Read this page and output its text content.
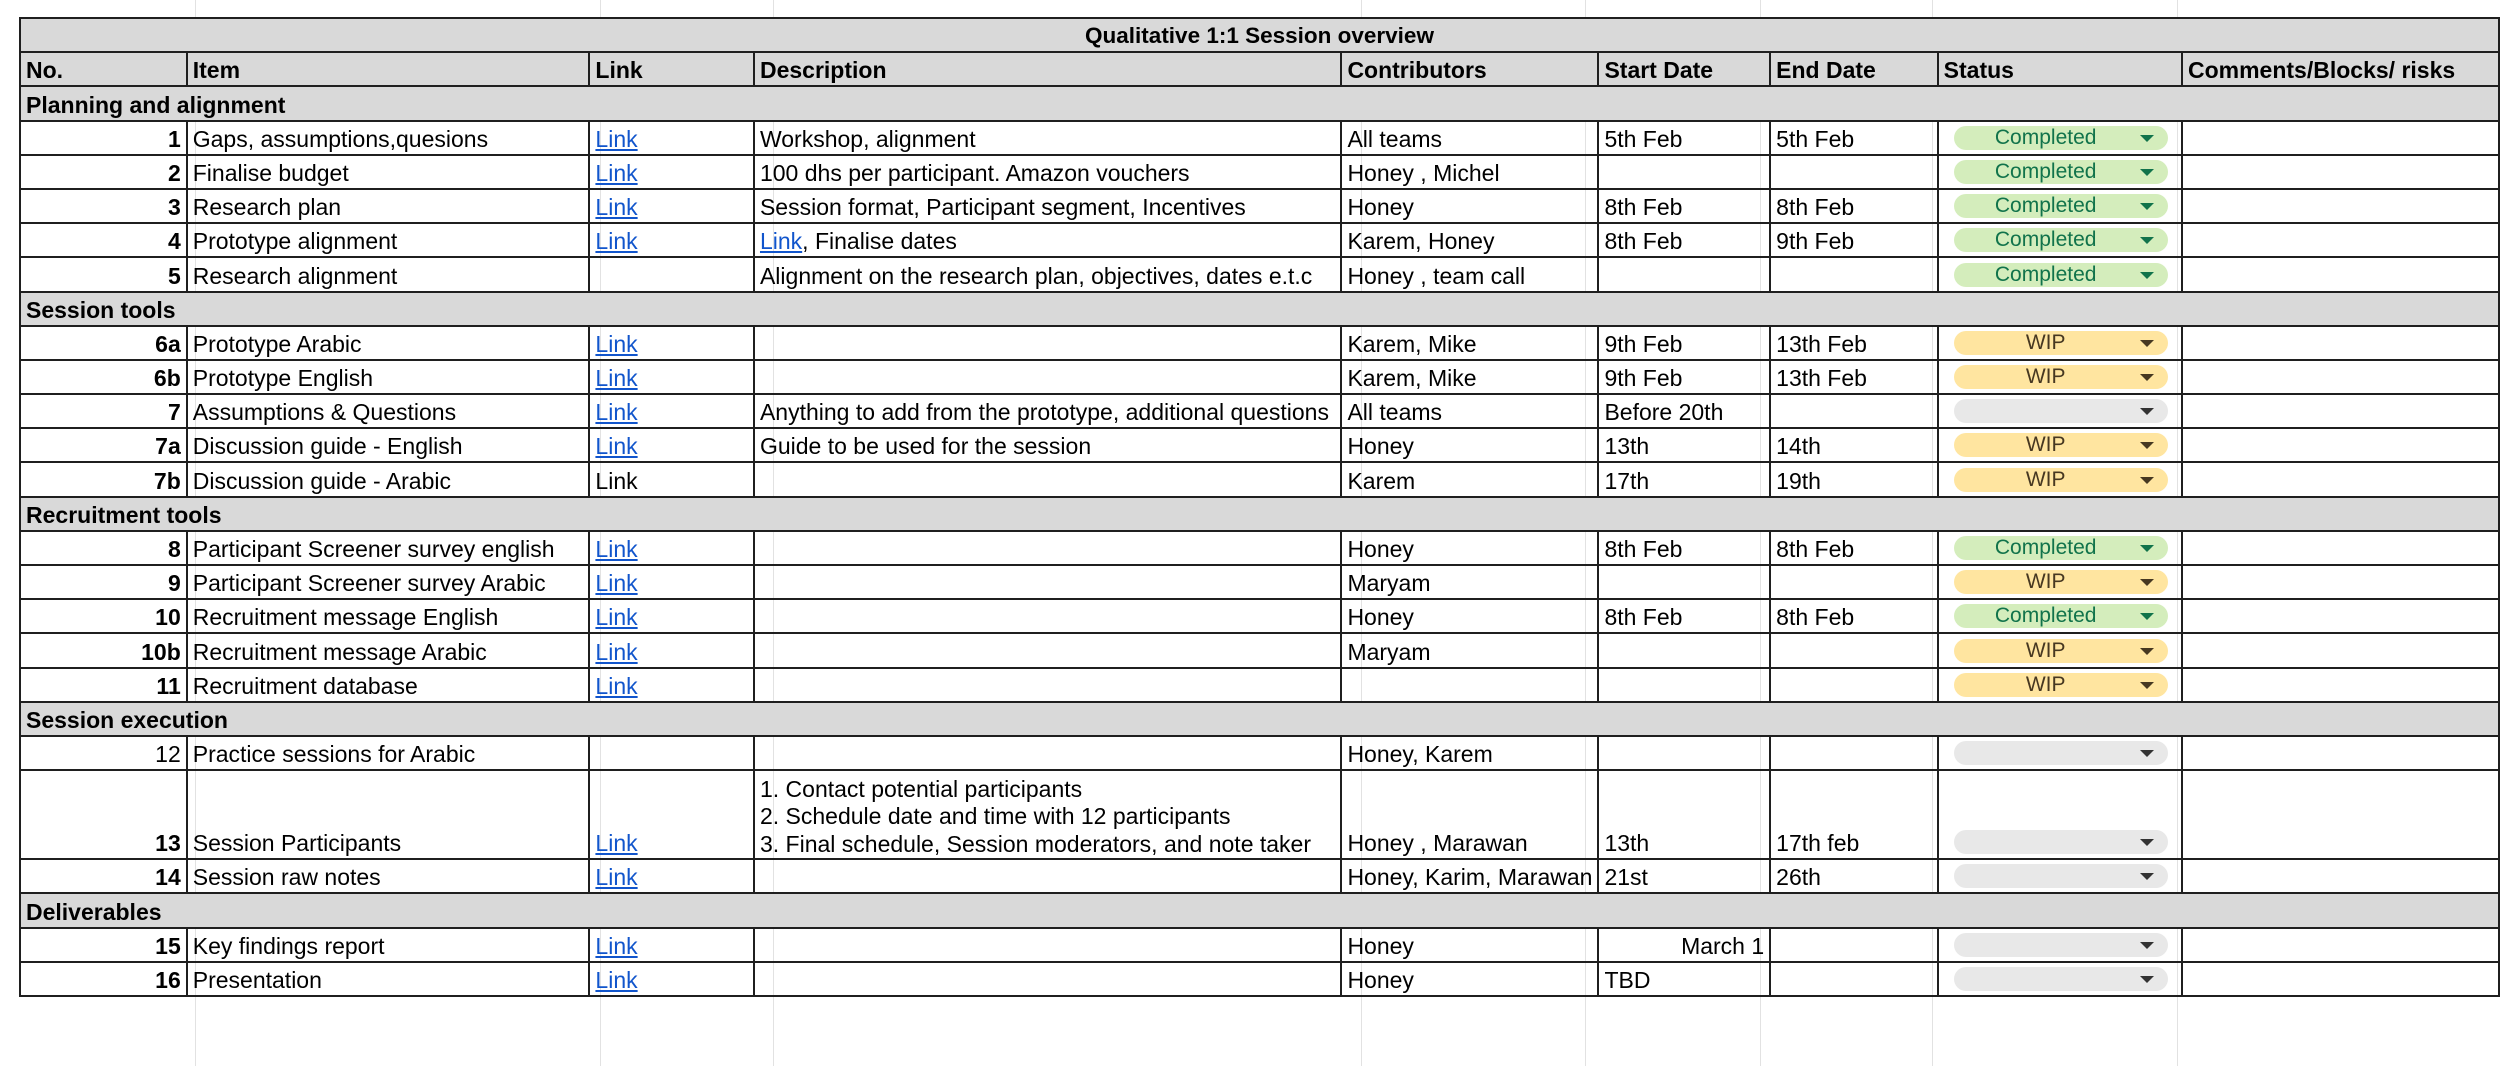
Qualitative 1:1 Session overview								
No.	Item	Link	Description	Contributors	Start Date	End Date	Status	Comments/Blocks/ risks
Planning and alignment								
1	Gaps, assumptions,quesions	Link	Workshop, alignment	All teams	5th Feb	5th Feb	Completed

2	Finalise budget	Link	100 dhs per participant. Amazon vouchers	Honey , Michel			Completed

3	Research plan	Link	Session format, Participant segment, Incentives	Honey	8th Feb	8th Feb	Completed

4	Prototype alignment	Link	Link, Finalise dates	Karem, Honey	8th Feb	9th Feb	Completed

5	Research alignment		Alignment on the research plan, objectives, dates e.t.c	Honey , team call			Completed

Session tools								
6a	Prototype Arabic	Link		Karem, Mike	9th Feb	13th Feb	WIP

6b	Prototype English	Link		Karem, Mike	9th Feb	13th Feb	WIP

7	Assumptions & Questions	Link	Anything to add from the prototype, additional questions	All teams	Before 20th		

7a	Discussion guide - English	Link	Guide to be used for the session	Honey	13th	14th	WIP

7b	Discussion guide - Arabic	Link		Karem	17th	19th	WIP

Recruitment tools								
8	Participant Screener survey english	Link		Honey	8th Feb	8th Feb	Completed

9	Participant Screener survey Arabic	Link		Maryam			WIP

10	Recruitment message English	Link		Honey	8th Feb	8th Feb	Completed

10b	Recruitment message Arabic	Link		Maryam			WIP

11	Recruitment database	Link					WIP

Session execution								
12	Practice sessions for Arabic			Honey, Karem			

13	Session Participants	Link	1. Contact potential participants
2. Schedule date and time with 12 participants
3. Final schedule, Session moderators, and note taker	Honey , Marawan	13th	17th feb	

14	Session raw notes	Link		Honey, Karim, Marawan	21st	26th	

Deliverables								
15	Key findings report	Link		Honey	March 1		

16	Presentation	Link		Honey	TBD		
